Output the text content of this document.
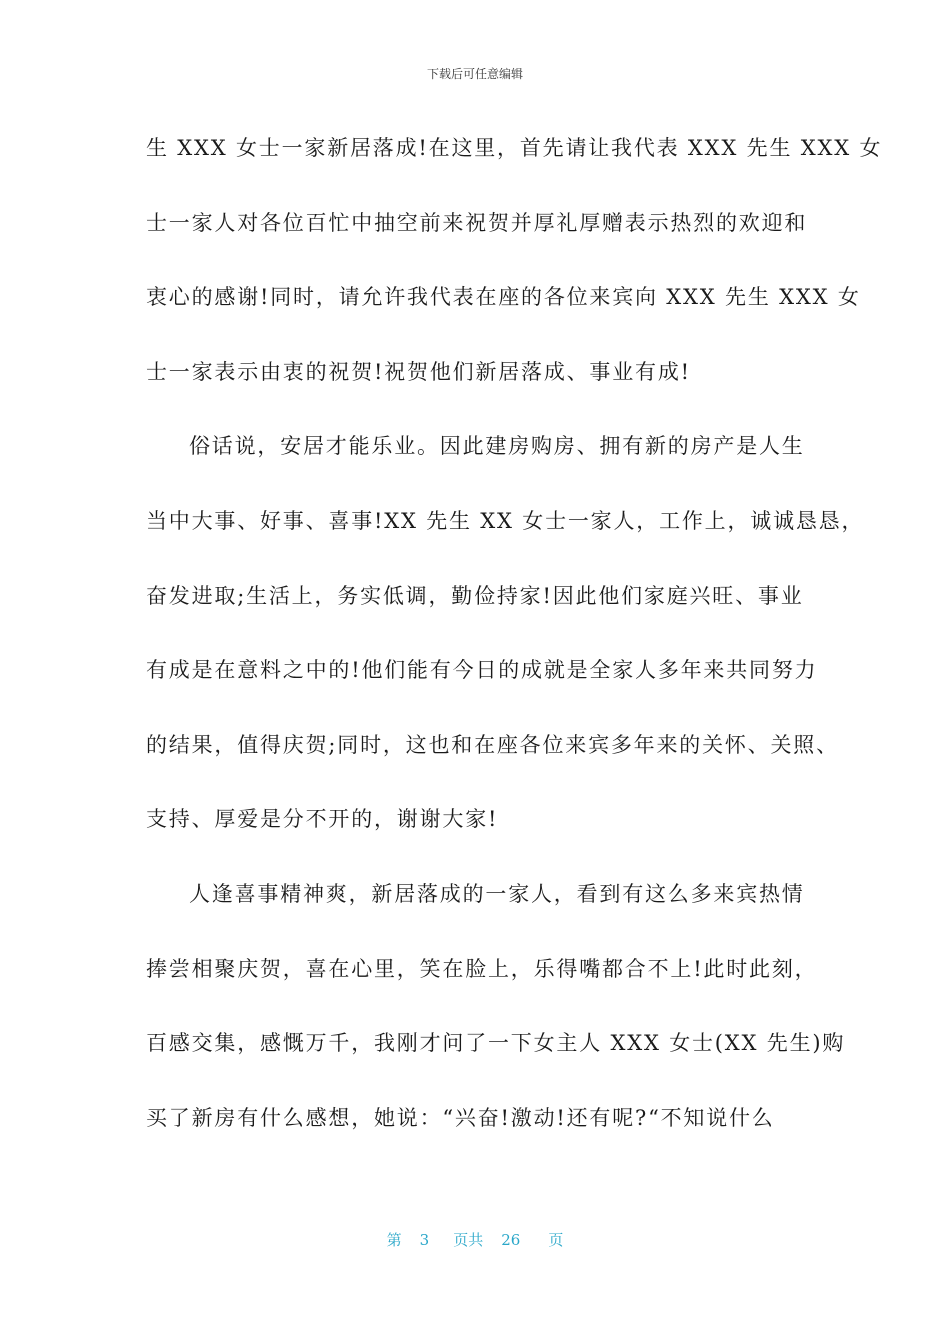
下载后可任意编辑
生 XXX 女士一家新居落成!在这里，首先请让我代表 XXX 先生 XXX 女
士一家人对各位百忙中抽空前来祝贺并厚礼厚赠表示热烈的欢迎和
衷心的感谢!同时，请允许我代表在座的各位来宾向 XXX 先生 XXX 女
士一家表示由衷的祝贺!祝贺他们新居落成、事业有成!
俗话说，安居才能乐业。因此建房购房、拥有新的房产是人生
当中大事、好事、喜事!XX 先生 XX 女士一家人，工作上，诚诚恳恳，
奋发进取;生活上，务实低调，勤俭持家!因此他们家庭兴旺、事业
有成是在意料之中的!他们能有今日的成就是全家人多年来共同努力
的结果，值得庆贺;同时，这也和在座各位来宾多年来的关怀、关照、
支持、厚爱是分不开的，谢谢大家!
人逢喜事精神爽，新居落成的一家人，看到有这么多来宾热情
捧尝相聚庆贺，喜在心里，笑在脸上，乐得嘴都合不上!此时此刻，
百感交集，感慨万千，我刚才问了一下女主人 XXX 女士(XX 先生)购
买了新房有什么感想，她说：“兴奋!激动!还有呢?“不知说什么
第 3 页共 26 页
